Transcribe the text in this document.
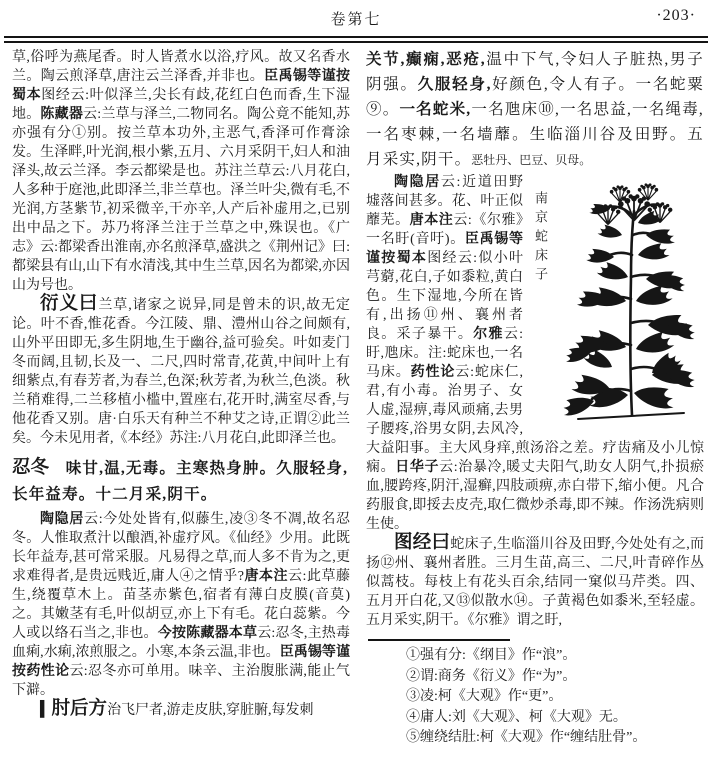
卷第七	·203·

草,俗呼为燕尾香。时人皆煮水以浴,疗风。故又名香水兰。陶云煎泽草,唐注云兰泽香,并非也。臣禹锡等谨按蜀本图经云:叶似泽兰,尖长有歧,花红白色而香,生下湿地。陈藏器云:兰草与泽兰,二物同名。陶公竟不能知,苏亦强有分①别。按兰草本功外,主恶气,香泽可作膏涂发。生泽畔,叶光润,根小紫,五月、六月采阴干,妇人和油泽头,故云兰泽。李云都梁是也。苏注兰草云:八月花白,人多种于庭池,此即泽兰,非兰草也。泽兰叶尖,微有毛,不光润,方茎紫节,初采微辛,干亦辛,人产后补虚用之,已别出中品之下。苏乃将泽兰注于兰草之中,殊误也。《广志》云:都梁香出淮南,亦名煎泽草,盛洪之《荆州记》曰:都梁县有山,山下有水清浅,其中生兰草,因名为都梁,亦因山为号也。

衍义曰兰草,诸家之说异,同是曾未的识,故无定论。叶不香,惟花香。今江陵、鼎、澧州山谷之间颇有,山外平田即无,多生阴地,生于幽谷,益可验矣。叶如麦门冬而阔,且韧,长及一、二尺,四时常青,花黄,中间叶上有细紫点,有春芳者,为春兰,色深;秋芳者,为秋兰,色淡。秋兰稍难得,二兰移植小槛中,置座右,花开时,满室尽香,与他花香又别。唐·白乐天有种兰不种艾之诗,正谓②此兰矣。今未见用者,《本经》苏注:八月花白,此即泽兰也。

忍冬　味甘,温,无毒。主寒热身肿。久服轻身,长年益寿。十二月采,阴干。

陶隐居云:今处处皆有,似藤生,凌③冬不凋,故名忍冬。人惟取煮汁以酿酒,补虚疗风。《仙经》少用。此既长年益寿,甚可常采服。凡易得之草,而人多不肯为之,更求难得者,是贵远贱近,庸人④之情乎?唐本注云:此草藤生,绕覆草木上。苗茎赤紫色,宿者有薄白皮膜(音莫)之。其嫩茎有毛,叶似胡豆,亦上下有毛。花白蕊紫。今人或以络石当之,非也。今按陈藏器本草云:忍冬,主热毒血痢,水痢,浓煎服之。小寒,本条云温,非也。臣禹锡等谨按药性论云:忍冬亦可单用。味辛、主治腹胀满,能止气下澼。

▍肘后方治飞尸者,游走皮肤,穿脏腑,每发刺

关节,癫痫,恶疮,温中下气,令妇人子脏热,男子阴强。久服轻身,好颜色,令人有子。一名蛇粟⑨。一名蛇米,一名虺床⑩,一名思益,一名绳毒,一名枣棘,一名墙蘼。生临淄川谷及田野。五月采实,阴干。恶牡丹、巴豆、贝母。

南京蛇床子

陶隐居云:近道田野墟落间甚多。花、叶正似蘼芜。唐本注云:《尔雅》一名盱(音吁)。臣禹锡等谨按蜀本图经云:似小叶芎藭,花白,子如黍粒,黄白色。生下湿地,今所在皆有,出扬⑪州、襄州者良。采子暴干。尔雅云:盱,虺床。注:蛇床也,一名马床。药性论云:蛇床仁,君,有小毒。治男子、女人虚,湿痹,毒风顽痛,去男子腰疼,浴男女阴,去风冷,大益阳事。主大风身痒,煎汤浴之差。疗齿痛及小儿惊痫。日华子云:治暴冷,暖丈夫阳气,助女人阴气,扑损瘀血,腰跨疼,阴汗,湿癣,四肢顽痹,赤白带下,缩小便。凡合药服食,即挼去皮壳,取仁微炒杀毒,即不辣。作汤洗病则生使。

图经曰蛇床子,生临淄川谷及田野,今处处有之,而扬⑫州、襄州者胜。三月生苗,高三、二尺,叶青碎作丛似蒿枝。每枝上有花头百余,结同一窠似马芹类。四、五月开白花,又⑬似散水⑭。子黄褐色如黍米,至轻虚。五月采实,阴干。《尔雅》谓之盱,

①强有分:《纲目》作“浪”。

②谓:商务《衍义》作“为”。

③凌:柯《大观》作“更”。

④庸人:刘《大观》、柯《大观》无。

⑤缠绕结肚:柯《大观》作“缠结肚骨”。
